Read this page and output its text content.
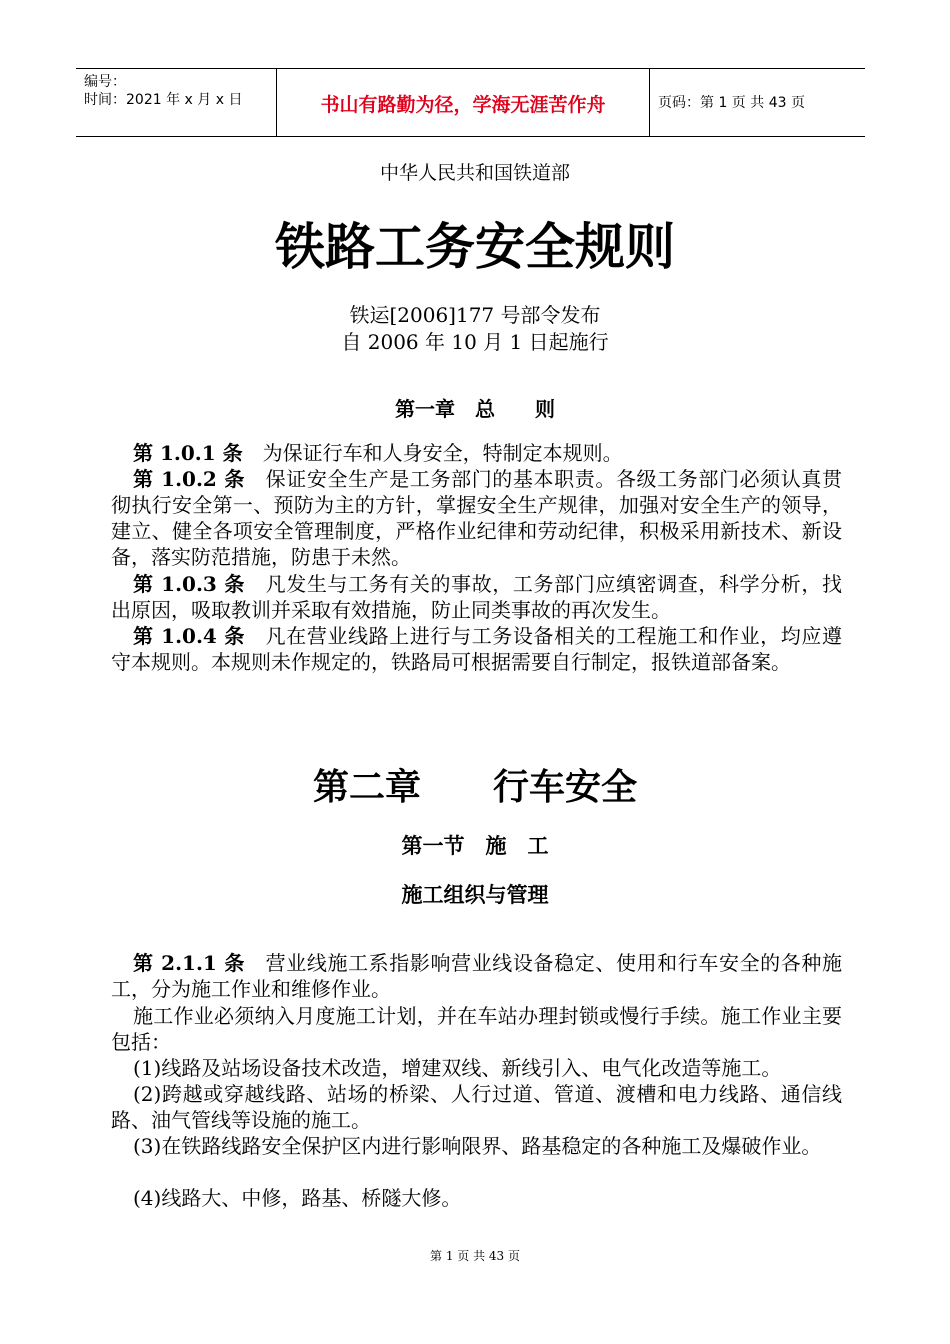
编号：
时间：2021 年 x 月 x 日	书山有路勤为径，学海无涯苦作舟	页码：第 1 页 共 43 页
中华人民共和国铁道部
铁路工务安全规则
铁运[2006]177 号部令发布
自 2006 年 10 月 1 日起施行
第一章　总　　则
第 1.0.1 条　 为保证行车和人身安全，特制定本规则。
第 1.0.2 条　 保证安全生产是工务部门的基本职责。各级工务部门必须认真贯彻执行安全第一、预防为主的方针，掌握安全生产规律，加强对安全生产的领导，建立、健全各项安全管理制度，严格作业纪律和劳动纪律，积极采用新技术、新设备，落实防范措施，防患于未然。
第 1.0.3 条　 凡发生与工务有关的事故，工务部门应缜密调查，科学分析，找出原因，吸取教训并采取有效措施，防止同类事故的再次发生。
第 1.0.4 条　 凡在营业线路上进行与工务设备相关的工程施工和作业，均应遵守本规则。本规则未作规定的，铁路局可根据需要自行制定，报铁道部备案。
第二章　　行车安全
第一节　施　工
施工组织与管理
第 2.1.1 条　 营业线施工系指影响营业线设备稳定、使用和行车安全的各种施工，分为施工作业和维修作业。
施工作业必须纳入月度施工计划，并在车站办理封锁或慢行手续。施工作业主要包括：
(1)线路及站场设备技术改造，增建双线、新线引入、电气化改造等施工。
(2)跨越或穿越线路、站场的桥梁、人行过道、管道、渡槽和电力线路、通信线路、油气管线等设施的施工。
(3)在铁路线路安全保护区内进行影响限界、路基稳定的各种施工及爆破作业。
(4)线路大、中修，路基、桥隧大修。
第 1 页 共 43 页
